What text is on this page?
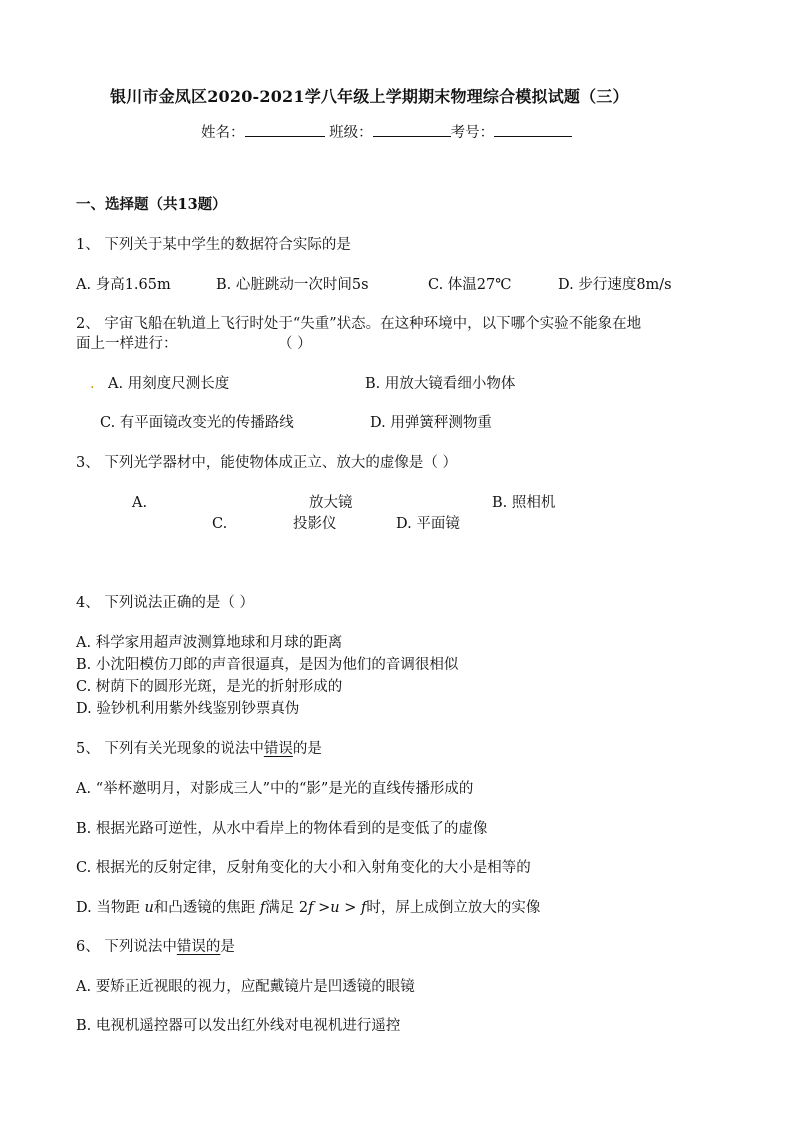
银川市金凤区2020-2021学八年级上学期期末物理综合模拟试题（三）
姓名：	班级：	考号：
一、选择题（共13题）
1、 下列关于某中学生的数据符合实际的是
A. 身高1.65m	B. 心脏跳动一次时间5s	C. 体温27℃	D. 步行速度8m/s
2、 宇宙飞船在轨道上飞行时处于“失重”状态。在这种环境中，以下哪个实验不能象在地
面上一样进行：	（ ）
. A. 用刻度尺测长度	B. 用放大镜看细小物体
C. 有平面镜改变光的传播路线	D. 用弹簧秤测物重
3、 下列光学器材中，能使物体成正立、放大的虚像是（ ）
A.	放大镜	B. 照相机
C.	投影仪	D. 平面镜
4、 下列说法正确的是（ ）
A. 科学家用超声波测算地球和月球的距离
B. 小沈阳模仿刀郎的声音很逼真，是因为他们的音调很相似
C. 树荫下的圆形光斑，是光的折射形成的
D. 验钞机利用紫外线鉴别钞票真伪
5、 下列有关光现象的说法中错误的是
A. “举杯邀明月，对影成三人”中的“影”是光的直线传播形成的
B. 根据光路可逆性，从水中看岸上的物体看到的是变低了的虚像
C. 根据光的反射定律，反射角变化的大小和入射角变化的大小是相等的
D. 当物距 u和凸透镜的焦距 f满足 2f >u > f时，屏上成倒立放大的实像
6、 下列说法中错误的是
A. 要矫正近视眼的视力，应配戴镜片是凹透镜的眼镜
B. 电视机遥控器可以发出红外线对电视机进行遥控
